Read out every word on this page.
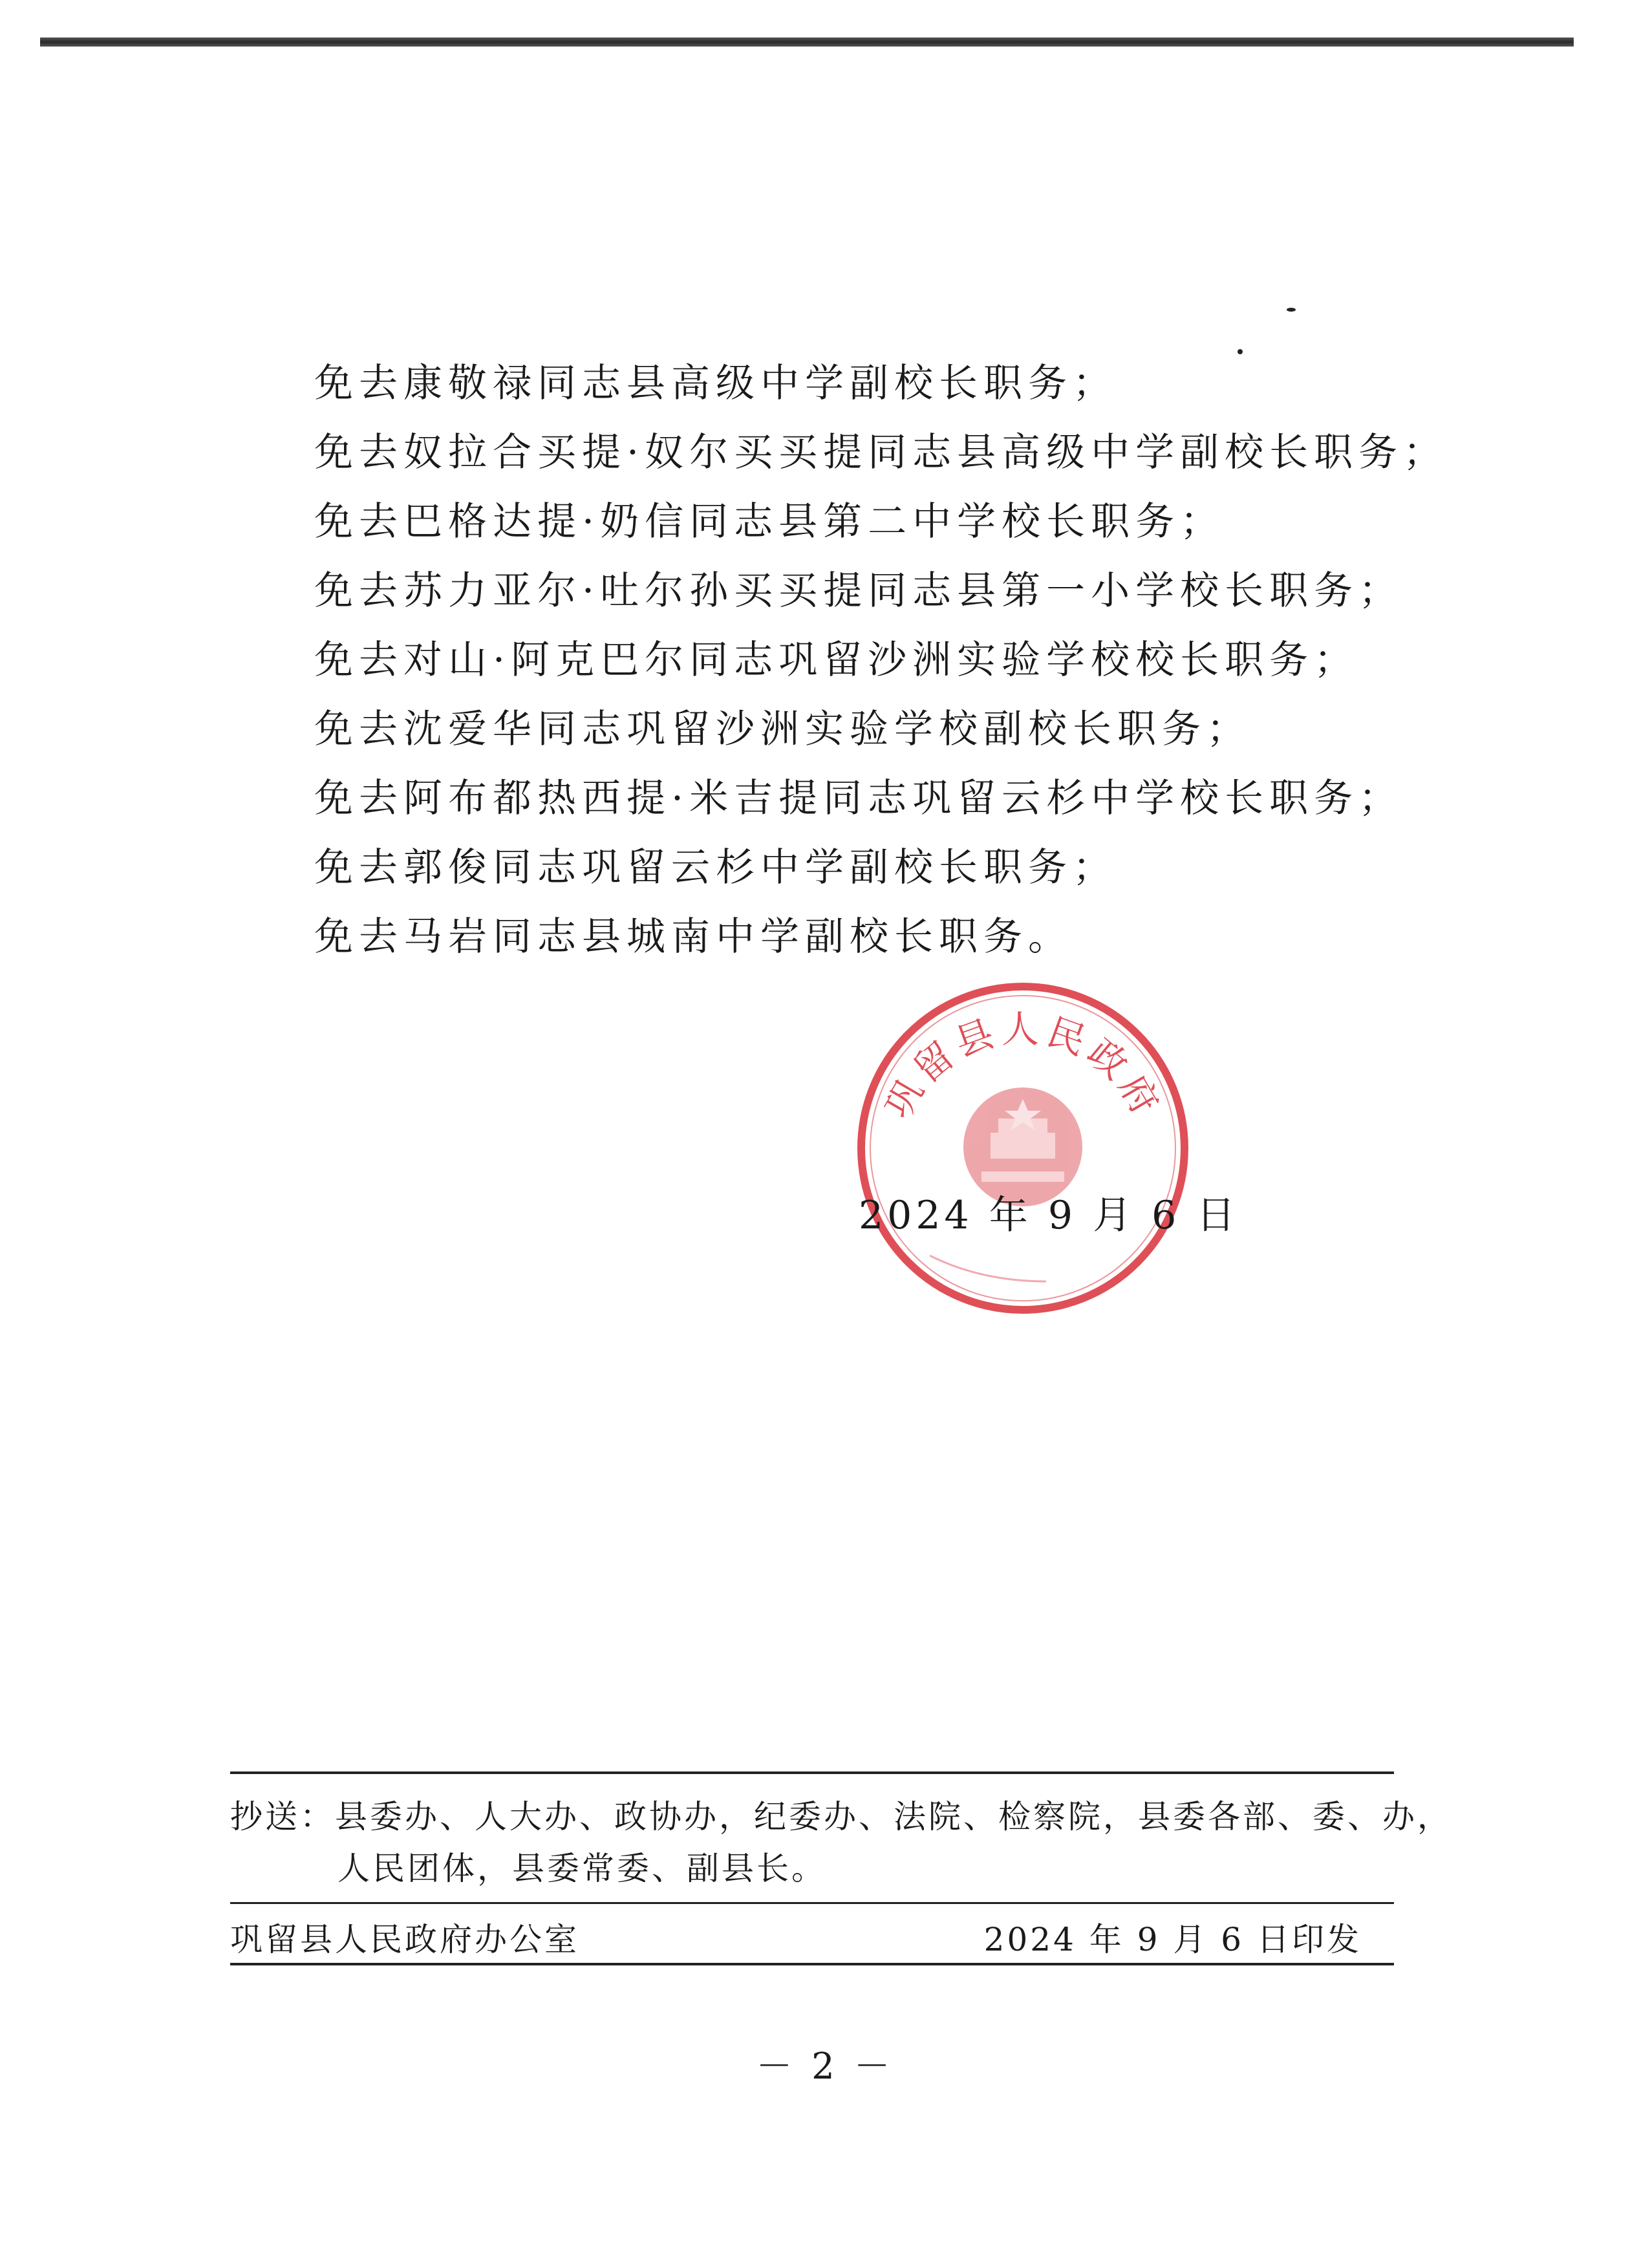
免去康敬禄同志县高级中学副校长职务；
免去奴拉合买提·奴尔买买提同志县高级中学副校长职务；
免去巴格达提·奶信同志县第二中学校长职务；
免去苏力亚尔·吐尔孙买买提同志县第一小学校长职务；
免去对山·阿克巴尔同志巩留沙洲实验学校校长职务；
免去沈爱华同志巩留沙洲实验学校副校长职务；
免去阿布都热西提·米吉提同志巩留云杉中学校长职务；
免去郭俊同志巩留云杉中学副校长职务；
免去马岩同志县城南中学副校长职务。
巩留县人民政府
2024 年 9 月 6 日
抄送：县委办、人大办、政协办，纪委办、法院、检察院，县委各部、委、办，
人民团体，县委常委、副县长。
巩留县人民政府办公室	2024 年 9 月 6 日印发
－ 2 －
